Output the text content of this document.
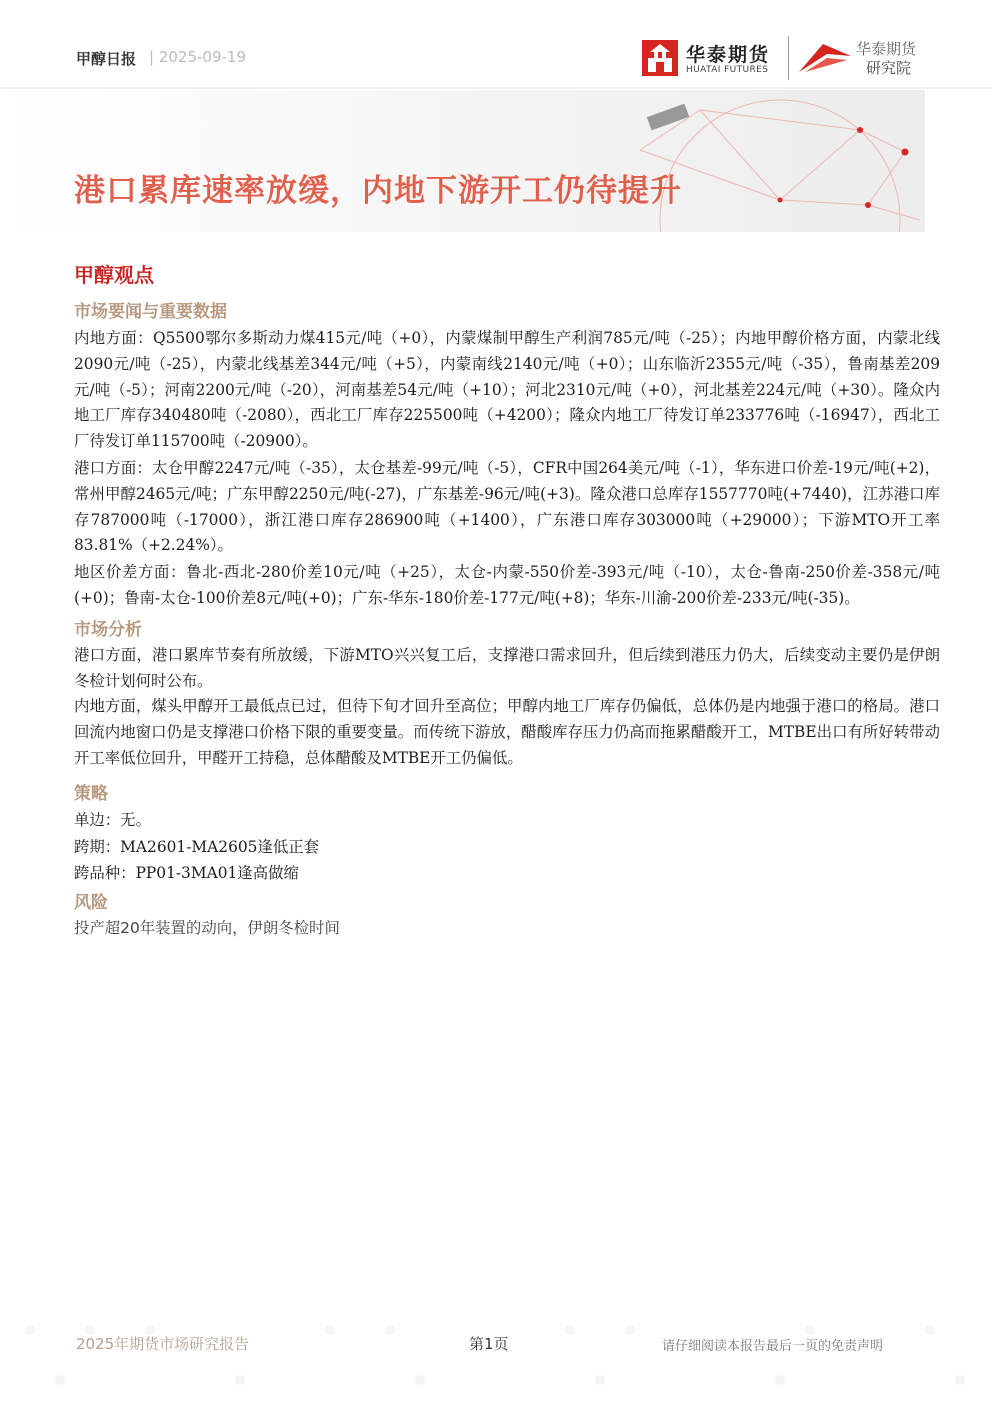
甲醇日报 | 2025-09-19	华泰期货
HUATAI FUTURES
华泰期货
研究院
港口累库速率放缓，内地下游开工仍待提升
甲醇观点
市场要闻与重要数据
内地方面：Q5500鄂尔多斯动力煤415元/吨（+0），内蒙煤制甲醇生产利润785元/吨（-25）；内地甲醇价格方面，内蒙北线2090元/吨（-25），内蒙北线基差344元/吨（+5），内蒙南线2140元/吨（+0）；山东临沂2355元/吨（-35），鲁南基差209元/吨（-5）；河南2200元/吨（-20），河南基差54元/吨（+10）；河北2310元/吨（+0），河北基差224元/吨（+30）。隆众内地工厂库存340480吨（-2080），西北工厂库存225500吨（+4200）；隆众内地工厂待发订单233776吨（-16947），西北工厂待发订单115700吨（-20900）。
港口方面：太仓甲醇2247元/吨（-35），太仓基差-99元/吨（-5），CFR中国264美元/吨（-1），华东进口价差-19元/吨(+2)，常州甲醇2465元/吨；广东甲醇2250元/吨(-27)，广东基差-96元/吨(+3)。隆众港口总库存1557770吨(+7440)，江苏港口库存787000吨（-17000），浙江港口库存286900吨（+1400），广东港口库存303000吨（+29000）；下游MTO开工率83.81%（+2.24%）。
地区价差方面：鲁北-西北-280价差10元/吨（+25），太仓-内蒙-550价差-393元/吨（-10），太仓-鲁南-250价差-358元/吨(+0)；鲁南-太仓-100价差8元/吨(+0)；广东-华东-180价差-177元/吨(+8)；华东-川渝-200价差-233元/吨(-35)。
市场分析
港口方面，港口累库节奏有所放缓，下游MTO兴兴复工后，支撑港口需求回升，但后续到港压力仍大，后续变动主要仍是伊朗冬检计划何时公布。
内地方面，煤头甲醇开工最低点已过，但待下旬才回升至高位；甲醇内地工厂库存仍偏低，总体仍是内地强于港口的格局。港口回流内地窗口仍是支撑港口价格下限的重要变量。而传统下游放，醋酸库存压力仍高而拖累醋酸开工，MTBE出口有所好转带动开工率低位回升，甲醛开工持稳，总体醋酸及MTBE开工仍偏低。
策略
单边：无。
跨期：MA2601-MA2605逢低正套
跨品种：PP01-3MA01逢高做缩
风险
投产超20年装置的动向，伊朗冬检时间
2025年期货市场研究报告	第1页	请仔细阅读本报告最后一页的免责声明
